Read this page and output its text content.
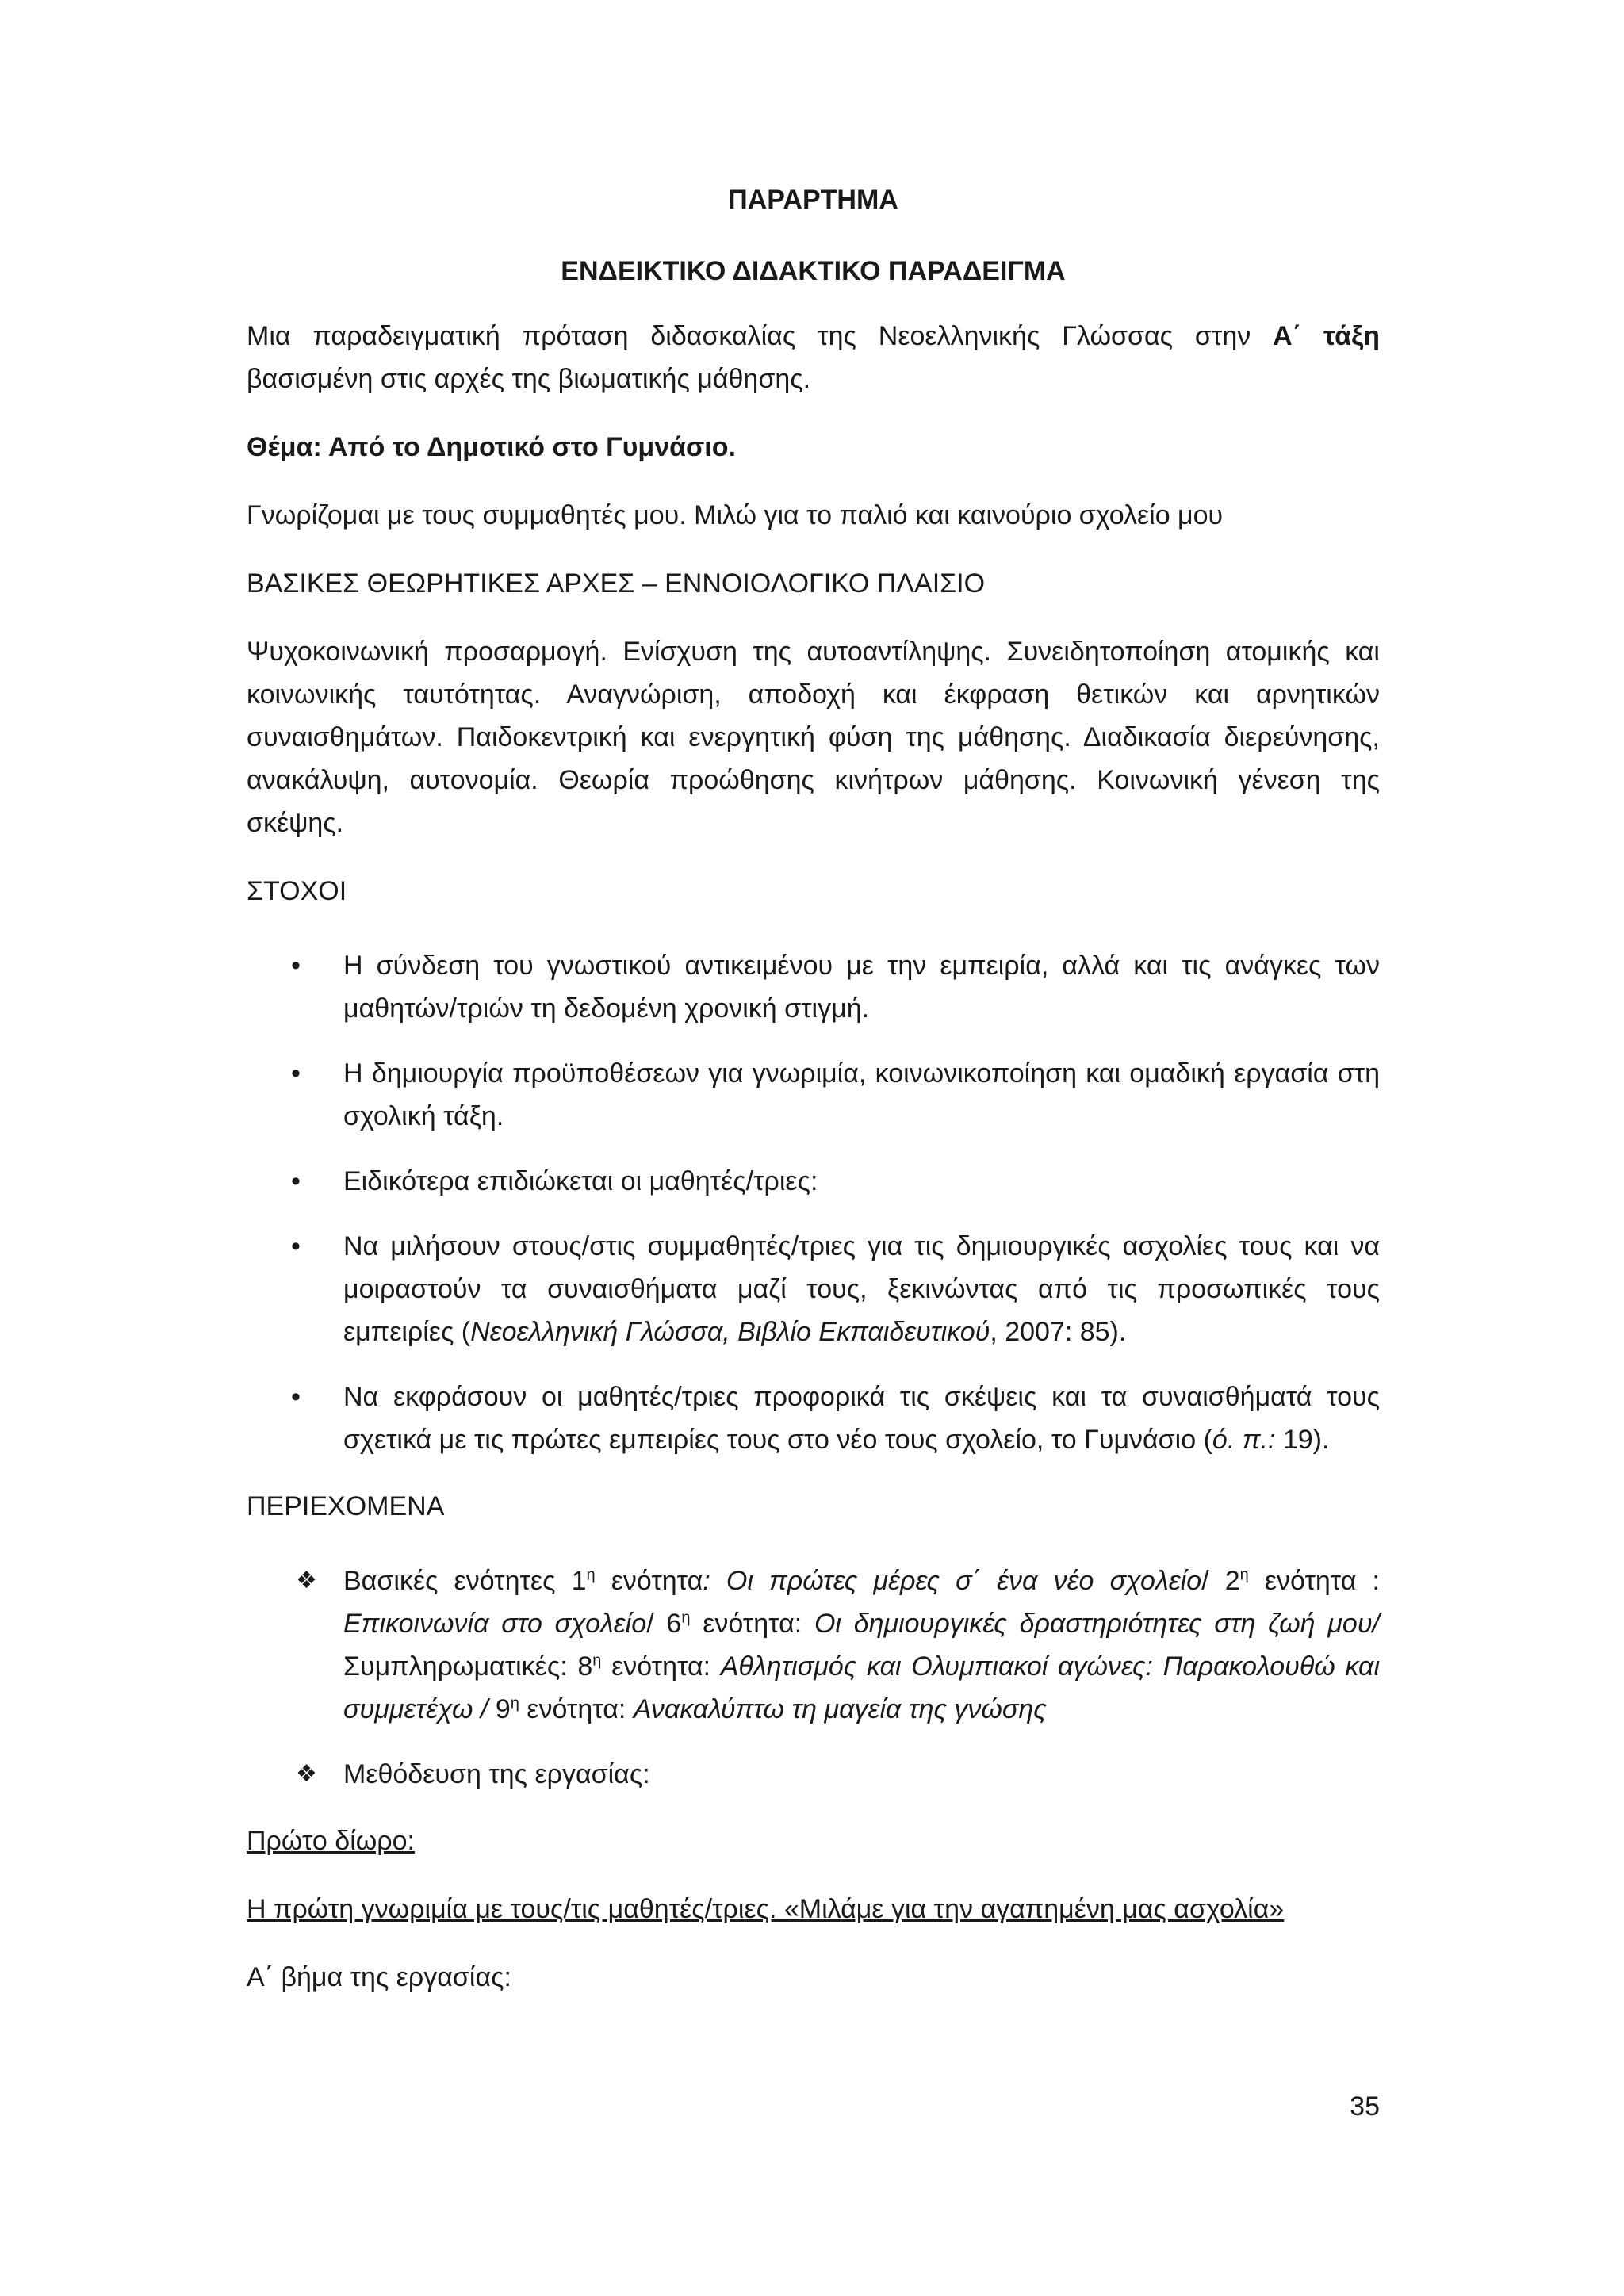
ΠΑΡΑΡΤΗΜΑ
ΕΝΔΕΙΚΤΙΚΟ ΔΙΔΑΚΤΙΚΟ ΠΑΡΑΔΕΙΓΜΑ

Μια παραδειγματική πρόταση διδασκαλίας της Νεοελληνικής Γλώσσας στην Α΄ τάξη βασισμένη στις αρχές της βιωματικής μάθησης.

Θέμα: Από το Δημοτικό στο Γυμνάσιο.

Γνωρίζομαι με τους συμμαθητές μου. Μιλώ για το παλιό και καινούριο σχολείο μου

ΒΑΣΙΚΕΣ ΘΕΩΡΗΤΙΚΕΣ ΑΡΧΕΣ – ΕΝΝΟΙΟΛΟΓΙΚΟ ΠΛΑΙΣΙΟ

Ψυχοκοινωνική προσαρμογή. Ενίσχυση της αυτοαντίληψης. Συνειδητοποίηση ατομικής και κοινωνικής ταυτότητας. Αναγνώριση, αποδοχή και έκφραση θετικών και αρνητικών συναισθημάτων. Παιδοκεντρική και ενεργητική φύση της μάθησης. Διαδικασία διερεύνησης, ανακάλυψη, αυτονομία. Θεωρία προώθησης κινήτρων μάθησης. Κοινωνική γένεση της σκέψης.

ΣΤΟΧΟΙ

• Η σύνδεση του γνωστικού αντικειμένου με την εμπειρία, αλλά και τις ανάγκες των μαθητών/τριών τη δεδομένη χρονική στιγμή.
• Η δημιουργία προϋποθέσεων για γνωριμία, κοινωνικοποίηση και ομαδική εργασία στη σχολική τάξη.
• Ειδικότερα επιδιώκεται οι μαθητές/τριες:
• Να μιλήσουν στους/στις συμμαθητές/τριες για τις δημιουργικές ασχολίες τους και να μοιραστούν τα συναισθήματα μαζί τους, ξεκινώντας από τις προσωπικές τους εμπειρίες (Νεοελληνική Γλώσσα, Βιβλίο Εκπαιδευτικού, 2007: 85).
• Να εκφράσουν οι μαθητές/τριες προφορικά τις σκέψεις και τα συναισθήματά τους σχετικά με τις πρώτες εμπειρίες τους στο νέο τους σχολείο, το Γυμνάσιο (ό. π.: 19).

ΠΕΡΙΕΧΟΜΕΝΑ

❖ Βασικές ενότητες $1^\eta$ ενότητα: Οι πρώτες μέρες σ΄ ένα νέο σχολείο/ $2^\eta$ ενότητα : Επικοινωνία στο σχολείο/ $6^\eta$ ενότητα: Οι δημιουργικές δραστηριότητες στη ζωή μου/ Συμπληρωματικές: $8^\eta$ ενότητα: Αθλητισμός και Ολυμπιακοί αγώνες: Παρακολουθώ και συμμετέχω / $9^\eta$ ενότητα: Ανακαλύπτω τη μαγεία της γνώσης
❖ Μεθόδευση της εργασίας:

Πρώτο δίωρο:

Η πρώτη γνωριμία με τους/τις μαθητές/τριες. «Μιλάμε για την αγαπημένη μας ασχολία»

Α΄ βήμα της εργασίας:

35
